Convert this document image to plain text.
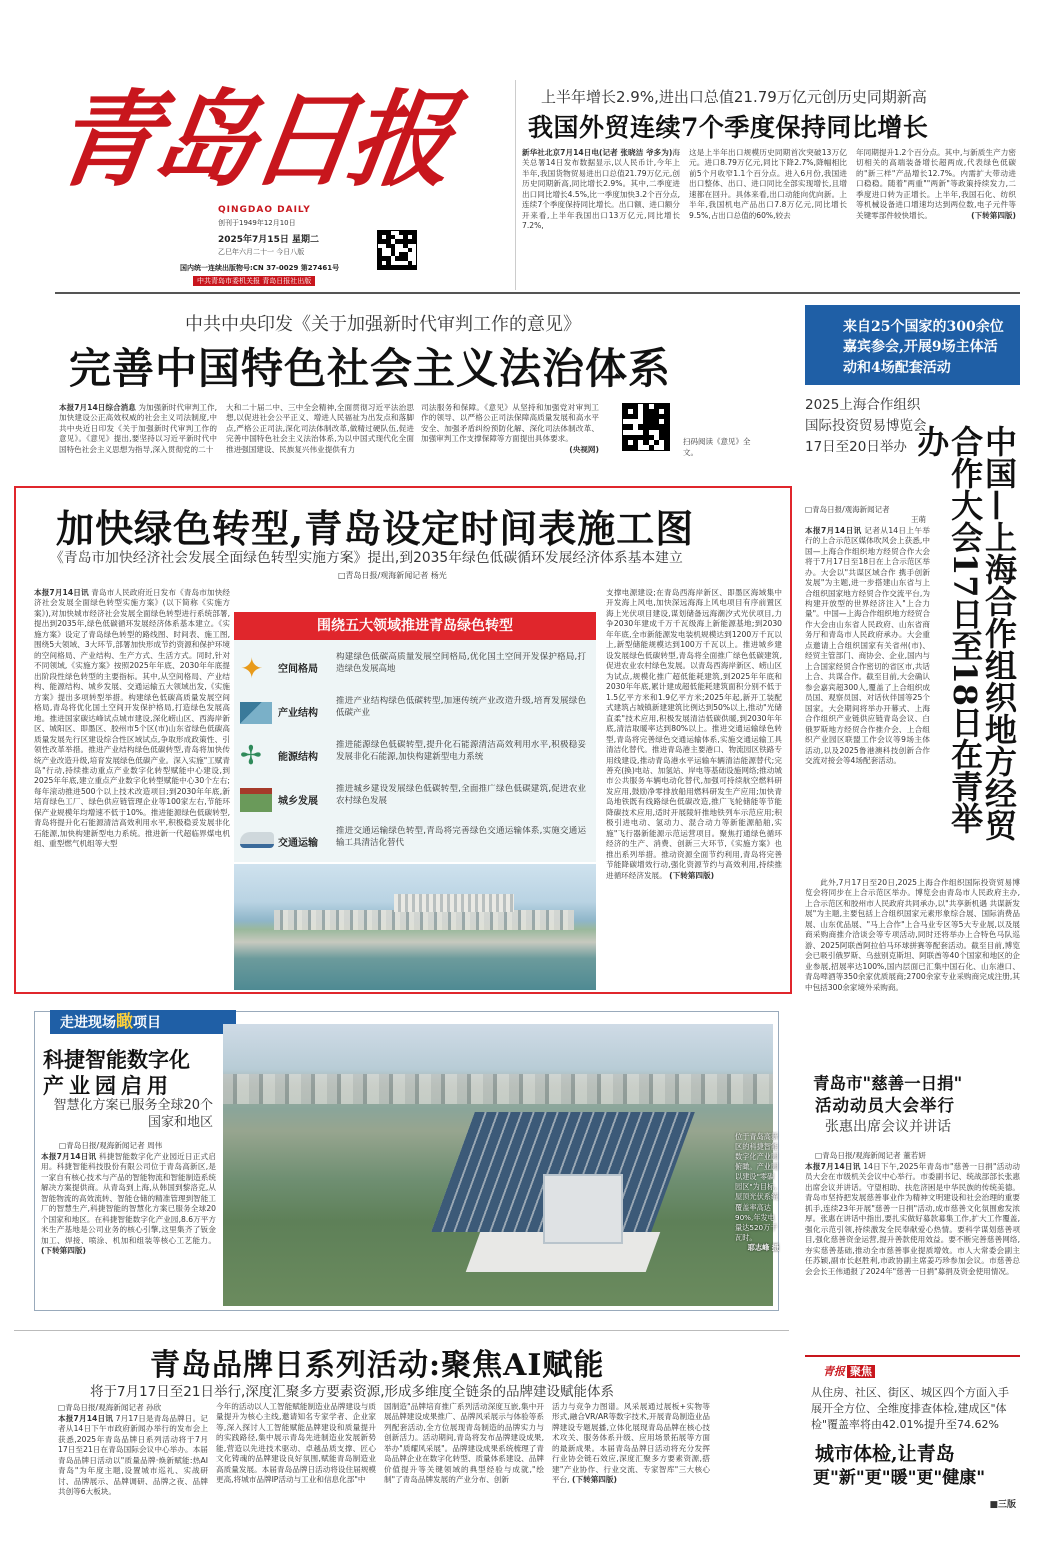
青岛日报
QINGDAO DAILY
创刊于1949年12月10日
2025年7月15日 星期二
乙巳年六月二十一 今日八版
国内统一连续出版物号:CN 37-0029 第27461号
中共青岛市委机关报 青岛日报社出版
上半年增长2.9%,进出口总值21.79万亿元创历史同期新高
我国外贸连续7个季度保持同比增长
新华社北京7月14日电(记者 张晓洁 爷多为)海关总署14日发布数据显示,以人民币计,今年上半年,我国货物贸易进出口总值21.79万亿元,创历史同期新高,同比增长2.9%。其中,二季度进出口同比增长4.5%,比一季度加快3.2个百分点,连续7个季度保持同比增长。出口额、进口额分开来看,上半年我国出口13万亿元,同比增长7.2%,
这是上半年出口规模历史同期首次突破13万亿元。进口8.79万亿元,同比下降2.7%,降幅相比前5个月收窄1.1个百分点。进入6月份,我国进出口整体、出口、进口同比全部实现增长,且增速都在回升。具体来看,出口动能向优向新。上半年,我国机电产品出口7.8万亿元,同比增长9.5%,占出口总值的60%,较去
年同期提升1.2个百分点。其中,与新质生产力密切相关的高端装备增长超两成,代表绿色低碳的"新三样"产品增长12.7%。内需扩大带动进口稳稳。随着"两重""两新"等政策持续发力,二季度进口转为正增长。上半年,我国石化、纺织等机械设备进口增速均达到两位数,电子元件等关键零部件较快增长。	(下转第四版)
中共中央印发《关于加强新时代审判工作的意见》
完善中国特色社会主义法治体系
本报7月14日综合消息 为加强新时代审判工作,加快建设公正高效权威的社会主义司法制度,中共中央近日印发《关于加强新时代审判工作的意见》。《意见》提出,要坚持以习近平新时代中国特色社会主义思想为指导,深入贯彻党的二十
大和二十届二中、三中全会精神,全面贯彻习近平法治思想,以促进社会公平正义、增进人民福祉为出发点和落脚点,严格公正司法,深化司法体制改革,做精过硬队伍,促进完善中国特色社会主义法治体系,为以中国式现代化全面推进强国建设、民族复兴伟业提供有力
司法服务和保障。《意见》从坚持和加强党对审判工作的领导、以严格公正司法保障高质量发展和高水平安全、加强矛盾纠纷预防化解、深化司法体制改革、加强审判工作支撑保障等方面提出具体要求。
(央视网)
扫码阅读《意见》全文。
来自25个国家的300余位嘉宾参会,开展9场主体活动和4场配套活动
2025上海合作组织国际投资贸易博览会17日至20日举办	中国—上海合作组织地方经贸合作大会17日至18日在青举办
□青岛日报/观海新闻记者
王萌
本报7月14日讯 记者从14日上午举行的上合示范区媒体吹风会上获悉,中国—上海合作组织地方经贸合作大会将于7月17日至18日在上合示范区举办。大会以"共谋区域合作 携手创新发展"为主题,进一步搭建山东省与上合组织国家地方经贸合作交流平台,为构建开放型的世界经济注入"上合力量"。中国—上海合作组织地方经贸合作大会由山东省人民政府、山东省商务厅和青岛市人民政府承办。大会重点邀请上合组织国家有关省州(市)、经贸主管部门、商协会、企业,国内与上合国家经贸合作密切的省区市,共话上合、共谋合作。截至目前,大会确认参会嘉宾超300人,覆盖了上合组织成员国、观察员国、对话伙伴国等25个国家。大会期间将举办开幕式、上海合作组织产业链供应链青岛会议、白俄罗斯地方经贸合作推介会、上合组织产业园区联盟工作会议等9场主体活动,以及2025鲁港澳科技创新合作交流对接会等4场配套活动。

此外,7月17日至20日,2025上海合作组织国际投资贸易博览会将同步在上合示范区举办。博览会由青岛市人民政府主办,上合示范区和胶州市人民政府共同承办,以"共享新机遇 共谋新发展"为主题,主要包括上合组织国家元素形象综合展、国际消费品展、山东优品展、"马上合作"上合马业专区等5大专业展,以及展商采购商推介洽谈会等专项活动,同时还将举办上合特色马队巡游、2025阿联酋阿拉伯马环球拼赛等配套活动。截至目前,博览会已吸引俄罗斯、乌兹别克斯坦、阿联酋等40个国家和地区的企业参展,招展率达100%,国内层面已汇集中国石化、山东港口、青岛啤酒等350余家优质展商;2700余家专业采购商完成注册,其中包括300余家境外采购商。

加快绿色转型,青岛设定时间表施工图
《青岛市加快经济社会发展全面绿色转型实施方案》提出,到2035年绿色低碳循环发展经济体系基本建立
□青岛日报/观海新闻记者 杨光
本报7月14日讯 青岛市人民政府近日发布《青岛市加快经济社会发展全面绿色转型实施方案》(以下简称《实施方案》),对加快城市经济社会发展全面绿色转型进行系统部署,提出到2035年,绿色低碳循环发展经济体系基本建立。《实施方案》设定了青岛绿色转型的路线图、时间表、施工图,围绕5大领域、3大环节,部署加快形成节约资源和保护环境的空间格局、产业结构、生产方式、生活方式。同时,针对不同领域,《实施方案》按照2025年年底、2030年年底提出阶段性绿色转型的主要指标。其中,从空间格局、产业结构、能源结构、城乡发展、交通运输五大领域出发,《实施方案》提出多项转型举措。构建绿色低碳高质量发展空间格局,青岛将优化国土空间开发保护格局,打造绿色发展高地。推进国家碳达峰试点城市建设,深化崂山区、西海岸新区、城阳区、即墨区、胶州市5个区(市)山东省绿色低碳高质量发展先行区建设综合性区域试点,争取形成政策性、引领性改革举措。推进产业结构绿色低碳转型,青岛将加快传统产业改造升级,培育发展绿色低碳产业。深入实施"工赋青岛"行动,持续推动重点产业数字化转型赋能中心建设,到2025年年底,建立重点产业数字化转型赋能中心30个左右;每年滚动推进500个以上技术改造项目;到2030年年底,新培育绿色工厂、绿色供应链管理企业等100家左右,节能环保产业规模年均增速不低于10%。推进能源绿色低碳转型,青岛将提升化石能源清洁高效利用水平,积极稳妥发展非化石能源,加快构建新型电力系统。推进新一代超临界煤电机组、重型燃气机组等大型
围绕五大领域推进青岛绿色转型
✦	空间格局
构建绿色低碳高质量发展空间格局,优化国土空间开发保护格局,打造绿色发展高地
产业结构
推进产业结构绿色低碳转型,加速传统产业改造升级,培育发展绿色低碳产业
✢	能源结构
推进能源绿色低碳转型,提升化石能源清洁高效利用水平,积极稳妥发展非化石能源,加快构建新型电力系统
城乡发展
推进城乡建设发展绿色低碳转型,全面推广绿色低碳建筑,促进农业农村绿色发展
交通运输
推进交通运输绿色转型,青岛将完善绿色交通运输体系,实施交通运输工具清洁化替代
支撑电源建设;在青岛西海岸新区、即墨区海域集中开发海上风电,加快深远海海上风电项目有序前置区海上光伏项目建设,谋划储备远海潮汐式光伏项目,力争2030年建成千万千瓦级海上新能源基地;到2030年年底,全市新能源发电装机规模达到1200万千瓦以上,新型储能规模达到100万千瓦以上。推进城乡建设发展绿色低碳转型,青岛将全面推广绿色低碳建筑,促进农业农村绿色发展。以青岛西海岸新区、崂山区为试点,规模化推广超低能耗建筑,到2025年年底和2030年年底,累计建成超低能耗建筑面积分别不低于1.5亿平方米和1.9亿平方米;2025年起,新开工装配式建筑占城镇新建建筑比例达到50%以上,推动"光储直柔"技术应用,积极发展清洁低碳供暖,到2030年年底,清洁取暖率达到80%以上。推进交通运输绿色转型,青岛将完善绿色交通运输体系,实施交通运输工具清洁化替代。推进青岛港主要港口、物流园区铁路专用线建设,推动青岛港水平运输车辆清洁能源替代;完善充(换)电站、加氢站、岸电等基础设施网络;推动城市公共服务车辆电动化替代,加强可持续航空燃料研发应用,鼓励净零排放船用燃料研发生产应用;加快青岛地铁既有线路绿色低碳改造,推广飞轮储能等节能降碳技术应用,适时开展陵轩推地铁列车示范应用;积极引进电动、氢动力、混合动力等新能源船舶,实施"飞行器新能源示范运营项目。聚焦打通绿色循环经济的生产、消费、创新三大环节,《实施方案》也推出系列举措。推动资源全面节约利用,青岛将完善节能降碳增效行动,强化资源节约与高效利用,持续推进循环经济发展。 (下转第四版)
走进现场瞰项目
科捷智能数字化
产业园启用
智慧化方案已服务全球20个国家和地区
□青岛日报/观海新闻记者 周伟
本报7月14日讯 科捷智能数字化产业园近日正式启用。科捷智能科技股份有限公司位于青岛高新区,是一家自有核心技术与产品的智能物流和智能制造系统解决方案提供商。从青岛到上海,从韩国到黎洛克,从智能物流的高效流转、智能仓储的精准管理到智能工厂的智慧生产,科捷智能的智慧化方案已服务全球20个国家和地区。在科捷智能数字化产业园,8.6万平方米生产基地是公司业务的核心引擎,这里集齐了钣金加工、焊接、喷涂、机加和组装等核心工艺能力。 (下转第四版)
位于青岛高新区的科捷智能数字化产业园俯瞰。产业园以建设"零碳园区"为目标,屋顶光伏系统覆盖率高达90%,年发电量达520万千瓦时。
耶志峰 摄
青岛市"慈善一日捐"
活动动员大会举行
张惠出席会议并讲话
□青岛日报/观海新闻记者 董若妍
本报7月14日讯 14日下午,2025年青岛市"慈善一日捐"活动动员大会在市级机关会议中心举行。市委副书记、统战部部长张惠出席会议并讲话。守望相助、扶危济困是中华民族的传统美德。青岛市坚持把发展慈善事业作为精神文明建设和社会治理的重要抓手,连续23年开展"慈善一日捐"活动,成市慈善文化氛围愈发浓厚。张惠在讲话中指出,要扎实做好募款募集工作,扩大工作覆盖,强化示范引领,持续激发全民奉献爱心热情。要科学谋划慈善项目,强化慈善资金运营,提升善款使用效益。要不断完善慈善网络,夯实慈善基础,推动全市慈善事业提质增效。市人大常委会副主任苏颖,副市长赵胜利,市政协副主席姜巧珍参加会议。市慈善总会会长王伟通报了2024年"慈善一日捐"募捐及资金使用情况。
青岛品牌日系列活动:聚焦AI赋能
将于7月17日至21日举行,深度汇聚多方要素资源,形成多维度全链条的品牌建设赋能体系
□青岛日报/观海新闻记者 孙欣
本报7月14日讯 7月17日是青岛品牌日。记者从14日下午市政府新闻办举行的发布会上获悉,2025年青岛品牌日系列活动将于7月17日至21日在青岛国际会议中心举办。本届青岛品牌日活动以"质量品牌·焕新赋能:热AI青岛"为年度主题,设置城市巡礼、实战研讨、品牌展示、品牌调研、品牌之夜、品牌共创等6大板块。
今年的活动以人工智能赋能制造业品牌建设与质量提升为核心主线,邀请知名专家学者、企业家等,深入探讨人工智能赋能品牌建设和质量提升的实践路径,集中展示青岛先进制造业发展新势能,营造以先进技术驱动、卓越品质支撑、匠心文化铸魂的品牌建设良好氛围,赋能青岛制造业高质量发展。本届青岛品牌日活动将设住届规模更高,将城市品牌IP活动与工业和信息化部"中
国制造"品牌培育推广系列活动深度互嵌,集中开展品牌建设成果推广、品牌风采展示与体验等系列配套活动,全方位展现青岛制造的品牌实力与创新活力。活动期间,青岛将发布品牌建设成果,举办"质耀风采展"。品牌建设成果系统梳理了青岛品牌企业在数字化转型、质量体系建设、品牌价值提升等关键领域的典型经验与成就,"绘制"了青岛品牌发展的产业分布、创新
活力与竞争力图谱。风采展通过展板+实物等形式,融合VR/AR等数字技术,开展青岛制造业品牌建设专题展播,立体化展现青岛品牌在核心技术攻关、服务体系升级、应用场景拓展等方面的最新成果。本届青岛品牌日活动将充分发挥行业协会链石效应,深度汇聚多方要素资源,搭建"产业协作、行业交流、专家智库"三大核心平台, (下转第四版)
青报 聚焦
从住房、社区、街区、城区四个方面入手展开全方位、全维度排查体检,建成区"体检"覆盖率将由42.01%提升至74.62%
城市体检,让青岛
更"新"更"暖"更"健康"
■三版
